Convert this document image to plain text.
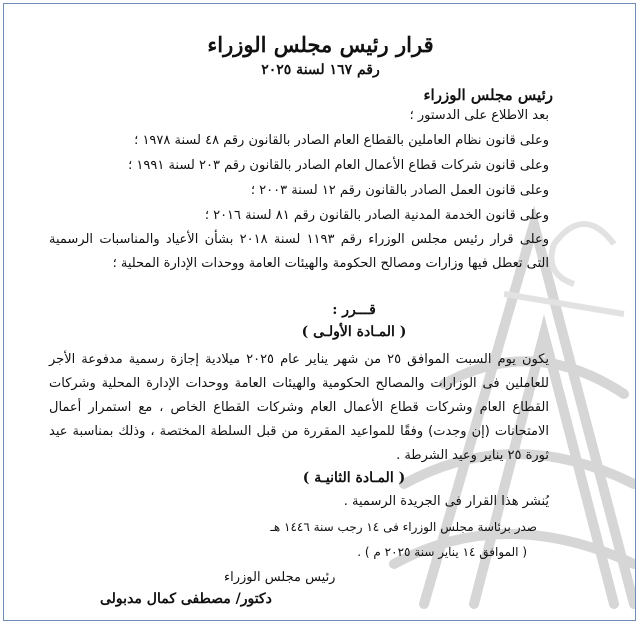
قرار رئيس مجلس الوزراء
رقم ١٦٧ لسنة ٢٠٢٥
رئيس مجلس الوزراء
بعد الاطلاع على الدستور ؛
وعلى قانون نظام العاملين بالقطاع العام الصادر بالقانون رقم ٤٨ لسنة ١٩٧٨ ؛
وعلى قانون شركات قطاع الأعمال العام الصادر بالقانون رقم ٢٠٣ لسنة ١٩٩١ ؛
وعلى قانون العمل الصادر بالقانون رقم ١٢ لسنة ٢٠٠٣ ؛
وعلى قانون الخدمة المدنية الصادر بالقانون رقم ٨١ لسنة ٢٠١٦ ؛
وعلى قرار رئيس مجلس الوزراء رقم ١١٩٣ لسنة ٢٠١٨ بشأن الأعياد والمناسبات الرسمية التى تعطل فيها وزارات ومصالح الحكومة والهيئات العامة ووحدات الإدارة المحلية ؛
قـــرر :
( المـادة الأولـى )
يكون يوم السبت الموافق ٢٥ من شهر يناير عام ٢٠٢٥ ميلادية إجازة رسمية مدفوعة الأجر للعاملين فى الوزارات والمصالح الحكومية والهيئات العامة ووحدات الإدارة المحلية وشركات القطاع العام وشركات قطاع الأعمال العام وشركات القطاع الخاص ، مع استمرار أعمال الامتحانات (إن وجدت) وفقًا للمواعيد المقررة من قبل السلطة المختصة ، وذلك بمناسبة عيد ثورة ٢٥ يناير وعيد الشرطة .
( المـادة الثانيـة )
يُنشر هذا القرار فى الجريدة الرسمية .
صدر برئاسة مجلس الوزراء فى ١٤ رجب سنة ١٤٤٦ هـ
( الموافق ١٤ يناير سنة ٢٠٢٥ م ) .
رئيس مجلس الوزراء
دكتور/ مصطفى كمال مدبولى
